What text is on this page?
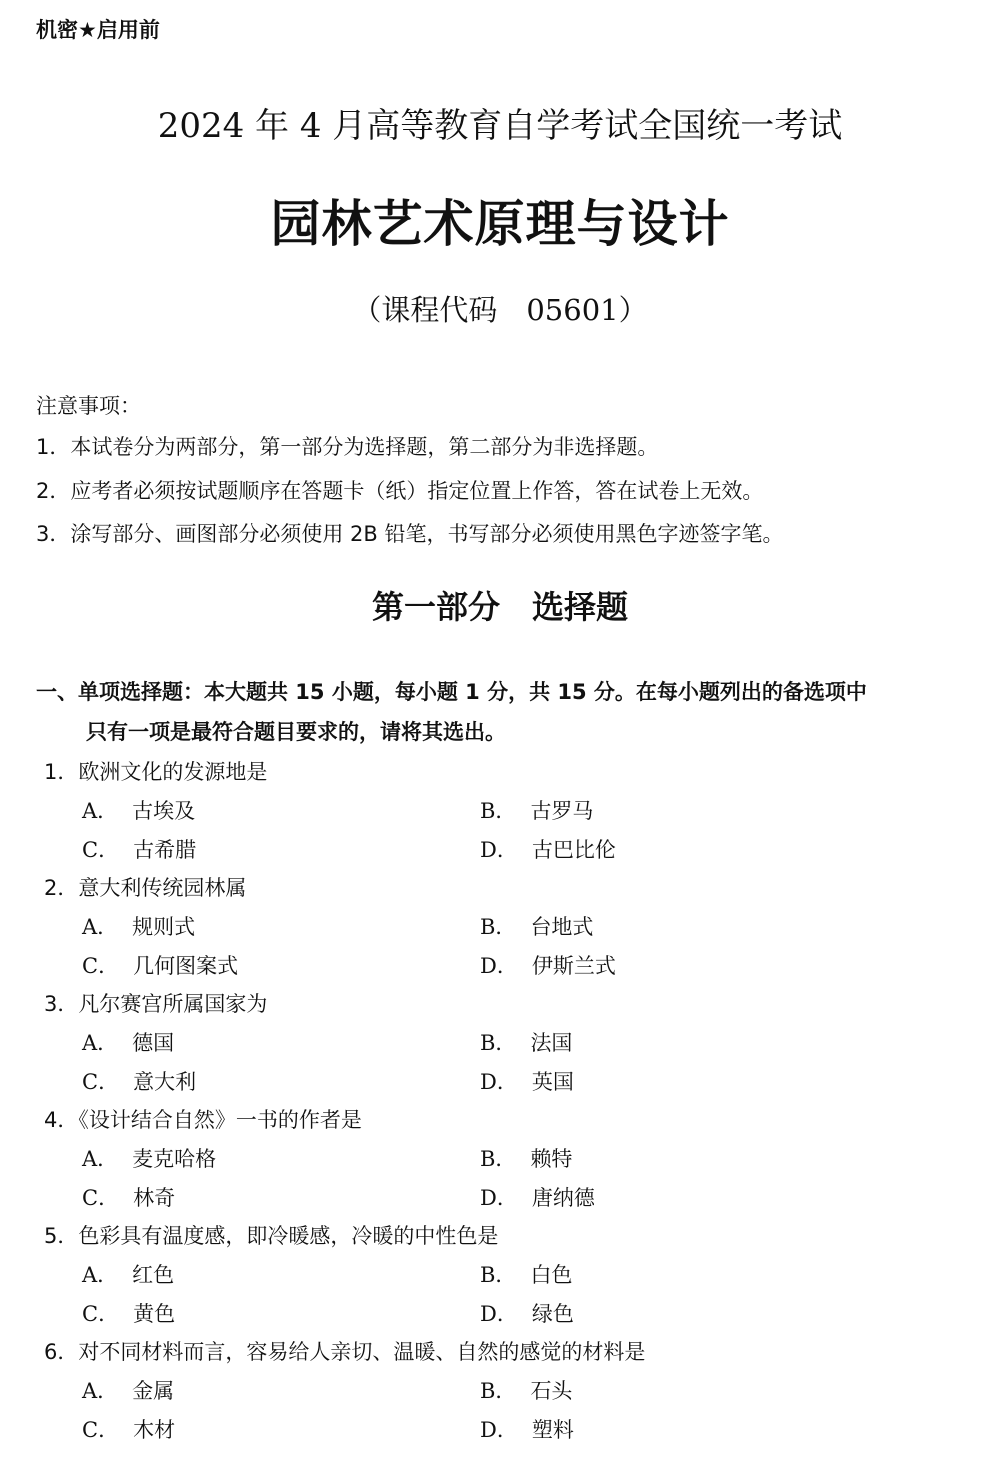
机密★启用前
2024 年 4 月高等教育自学考试全国统一考试
园林艺术原理与设计
（课程代码　05601）
注意事项：
1．本试卷分为两部分，第一部分为选择题，第二部分为非选择题。
2．应考者必须按试题顺序在答题卡（纸）指定位置上作答，答在试卷上无效。
3．涂写部分、画图部分必须使用 2B 铅笔，书写部分必须使用黑色字迹签字笔。
第一部分　选择题
一、单项选择题：本大题共 15 小题，每小题 1 分，共 15 分。在每小题列出的备选项中
只有一项是最符合题目要求的，请将其选出。
1．欧洲文化的发源地是
A． 古埃及	B． 古罗马
C． 古希腊	D． 古巴比伦
2．意大利传统园林属
A． 规则式	B． 台地式
C． 几何图案式	D． 伊斯兰式
3．凡尔赛宫所属国家为
A． 德国	B． 法国
C． 意大利	D． 英国
4．《设计结合自然》一书的作者是
A． 麦克哈格	B． 赖特
C． 林奇	D． 唐纳德
5．色彩具有温度感，即冷暖感，冷暖的中性色是
A． 红色	B． 白色
C． 黄色	D． 绿色
6．对不同材料而言，容易给人亲切、温暖、自然的感觉的材料是
A． 金属	B． 石头
C． 木材	D． 塑料
